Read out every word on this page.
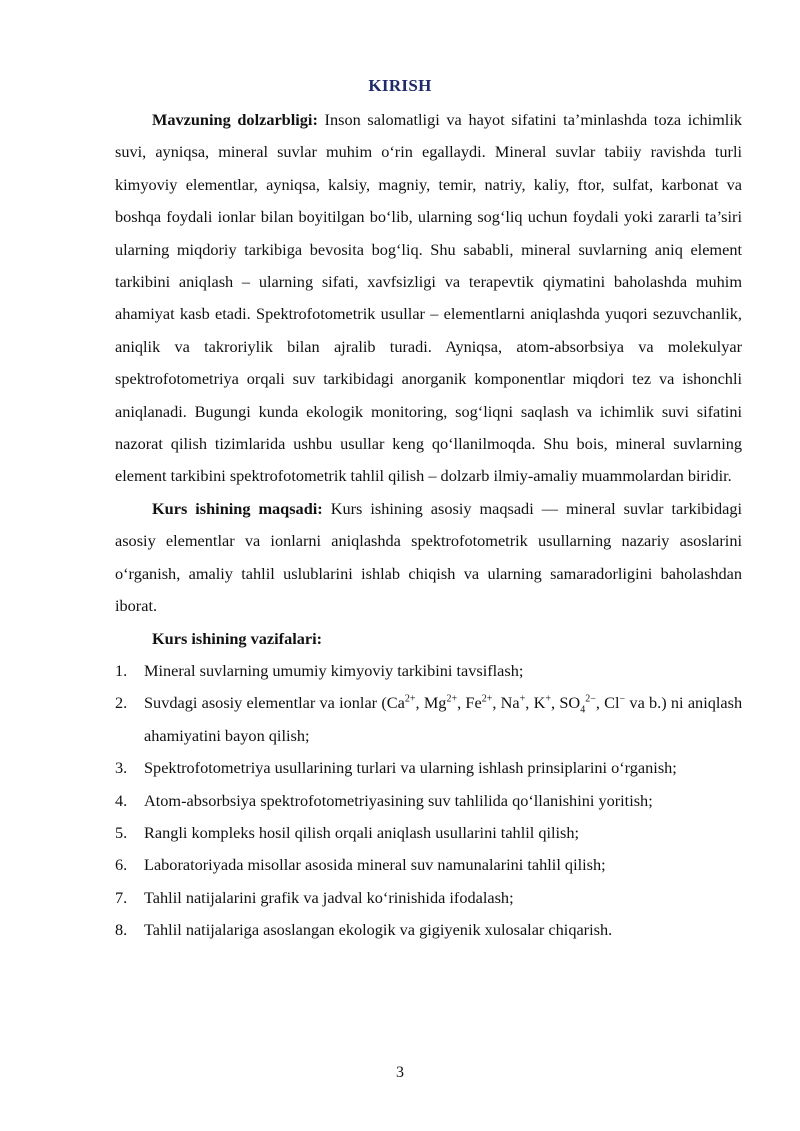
KIRISH

Mavzuning dolzarbligi: Inson salomatligi va hayot sifatini ta’minlashda toza ichimlik suvi, ayniqsa, mineral suvlar muhim o‘rin egallaydi. Mineral suvlar tabiiy ravishda turli kimyoviy elementlar, ayniqsa, kalsiy, magniy, temir, natriy, kaliy, ftor, sulfat, karbonat va boshqa foydali ionlar bilan boyitilgan bo‘lib, ularning sog‘liq uchun foydali yoki zararli ta’siri ularning miqdoriy tarkibiga bevosita bog‘liq. Shu sababli, mineral suvlarning aniq element tarkibini aniqlash – ularning sifati, xavfsizligi va terapevtik qiymatini baholashda muhim ahamiyat kasb etadi. Spektrofotometrik usullar – elementlarni aniqlashda yuqori sezuvchanlik, aniqlik va takroriylik bilan ajralib turadi. Ayniqsa, atom-absorbsiya va molekulyar spektrofotometriya orqali suv tarkibidagi anorganik komponentlar miqdori tez va ishonchli aniqlanadi. Bugungi kunda ekologik monitoring, sog‘liqni saqlash va ichimlik suvi sifatini nazorat qilish tizimlarida ushbu usullar keng qo‘llanilmoqda. Shu bois, mineral suvlarning element tarkibini spektrofotometrik tahlil qilish – dolzarb ilmiy-amaliy muammolardan biridir.

Kurs ishining maqsadi: Kurs ishining asosiy maqsadi — mineral suvlar tarkibidagi asosiy elementlar va ionlarni aniqlashda spektrofotometrik usullarning nazariy asoslarini o‘rganish, amaliy tahlil uslublarini ishlab chiqish va ularning samaradorligini baholashdan iborat.

Kurs ishining vazifalari:

1. Mineral suvlarning umumiy kimyoviy tarkibini tavsiflash;
2. Suvdagi asosiy elementlar va ionlar ($Ca^{2+}$, $Mg^{2+}$, $Fe^{2+}$, Na+, K+, $SO_4^{2-}$, Cl− va b.) ni aniqlash ahamiyatini bayon qilish;
3. Spektrofotometriya usullarining turlari va ularning ishlash prinsiplarini o‘rganish;
4. Atom-absorbsiya spektrofotometriyasining suv tahlilida qo‘llanishini yoritish;
5. Rangli kompleks hosil qilish orqali aniqlash usullarini tahlil qilish;
6. Laboratoriyada misollar asosida mineral suv namunalarini tahlil qilish;
7. Tahlil natijalarini grafik va jadval ko‘rinishida ifodalash;
8. Tahlil natijalariga asoslangan ekologik va gigiyenik xulosalar chiqarish.
3
